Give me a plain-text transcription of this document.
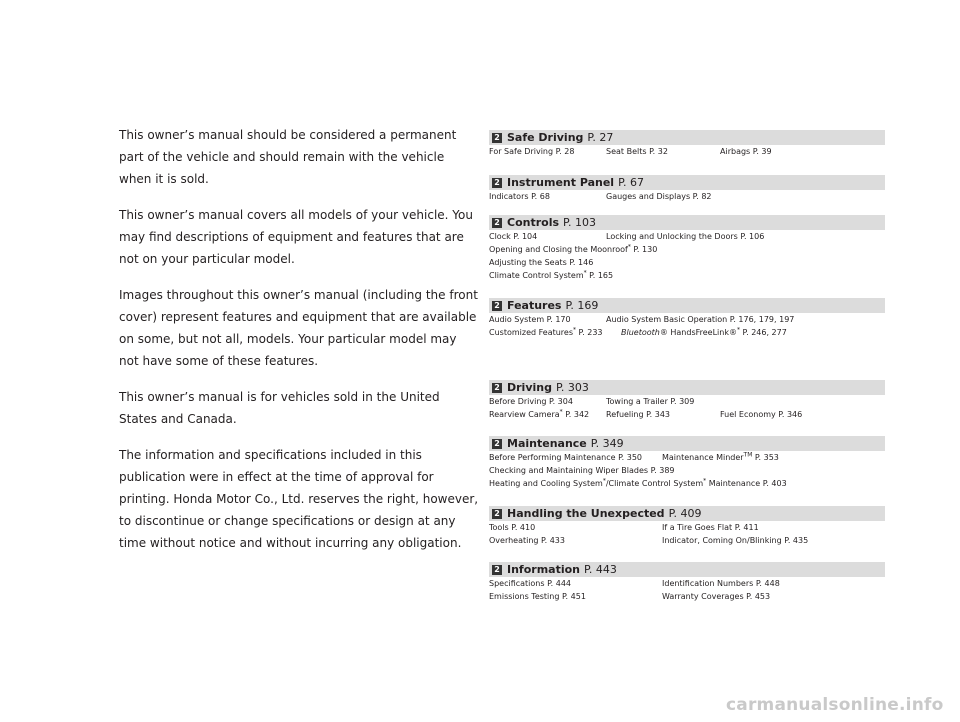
This owner’s manual should be considered a permanent part of the vehicle and should remain with the vehicle when it is sold.

This owner’s manual covers all models of your vehicle. You may find descriptions of equipment and features that are not on your particular model.

Images throughout this owner’s manual (including the front cover) represent features and equipment that are available on some, but not all, models. Your particular model may not have some of these features.

This owner’s manual is for vehicles sold in the United States and Canada.

The information and specifications included in this publication were in effect at the time of approval for printing. Honda Motor Co., Ltd. reserves the right, however, to discontinue or change specifications or design at any time without notice and without incurring any obligation.

2 Safe Driving P. 27
For Safe Driving P. 28	Seat Belts P. 32	Airbags P. 39
2 Instrument Panel P. 67
Indicators P. 68	Gauges and Displays P. 82
2 Controls P. 103
Clock P. 104	Locking and Unlocking the Doors P. 106
Opening and Closing the Moonroof* P. 130
Adjusting the Seats P. 146
Climate Control System* P. 165
2 Features P. 169
Audio System P. 170	Audio System Basic Operation P. 176, 179, 197
Customized Features* P. 233	Bluetooth® HandsFreeLink®* P. 246, 277
2 Driving P. 303
Before Driving P. 304	Towing a Trailer P. 309
Rearview Camera* P. 342	Refueling P. 343	Fuel Economy P. 346
2 Maintenance P. 349
Before Performing Maintenance P. 350	Maintenance Minder™ P. 353
Checking and Maintaining Wiper Blades P. 389
Heating and Cooling System*/Climate Control System* Maintenance P. 403
2 Handling the Unexpected P. 409
Tools P. 410	If a Tire Goes Flat P. 411
Overheating P. 433	Indicator, Coming On/Blinking P. 435
2 Information P. 443
Specifications P. 444	Identification Numbers P. 448
Emissions Testing P. 451	Warranty Coverages P. 453
carmanualsonline.info
